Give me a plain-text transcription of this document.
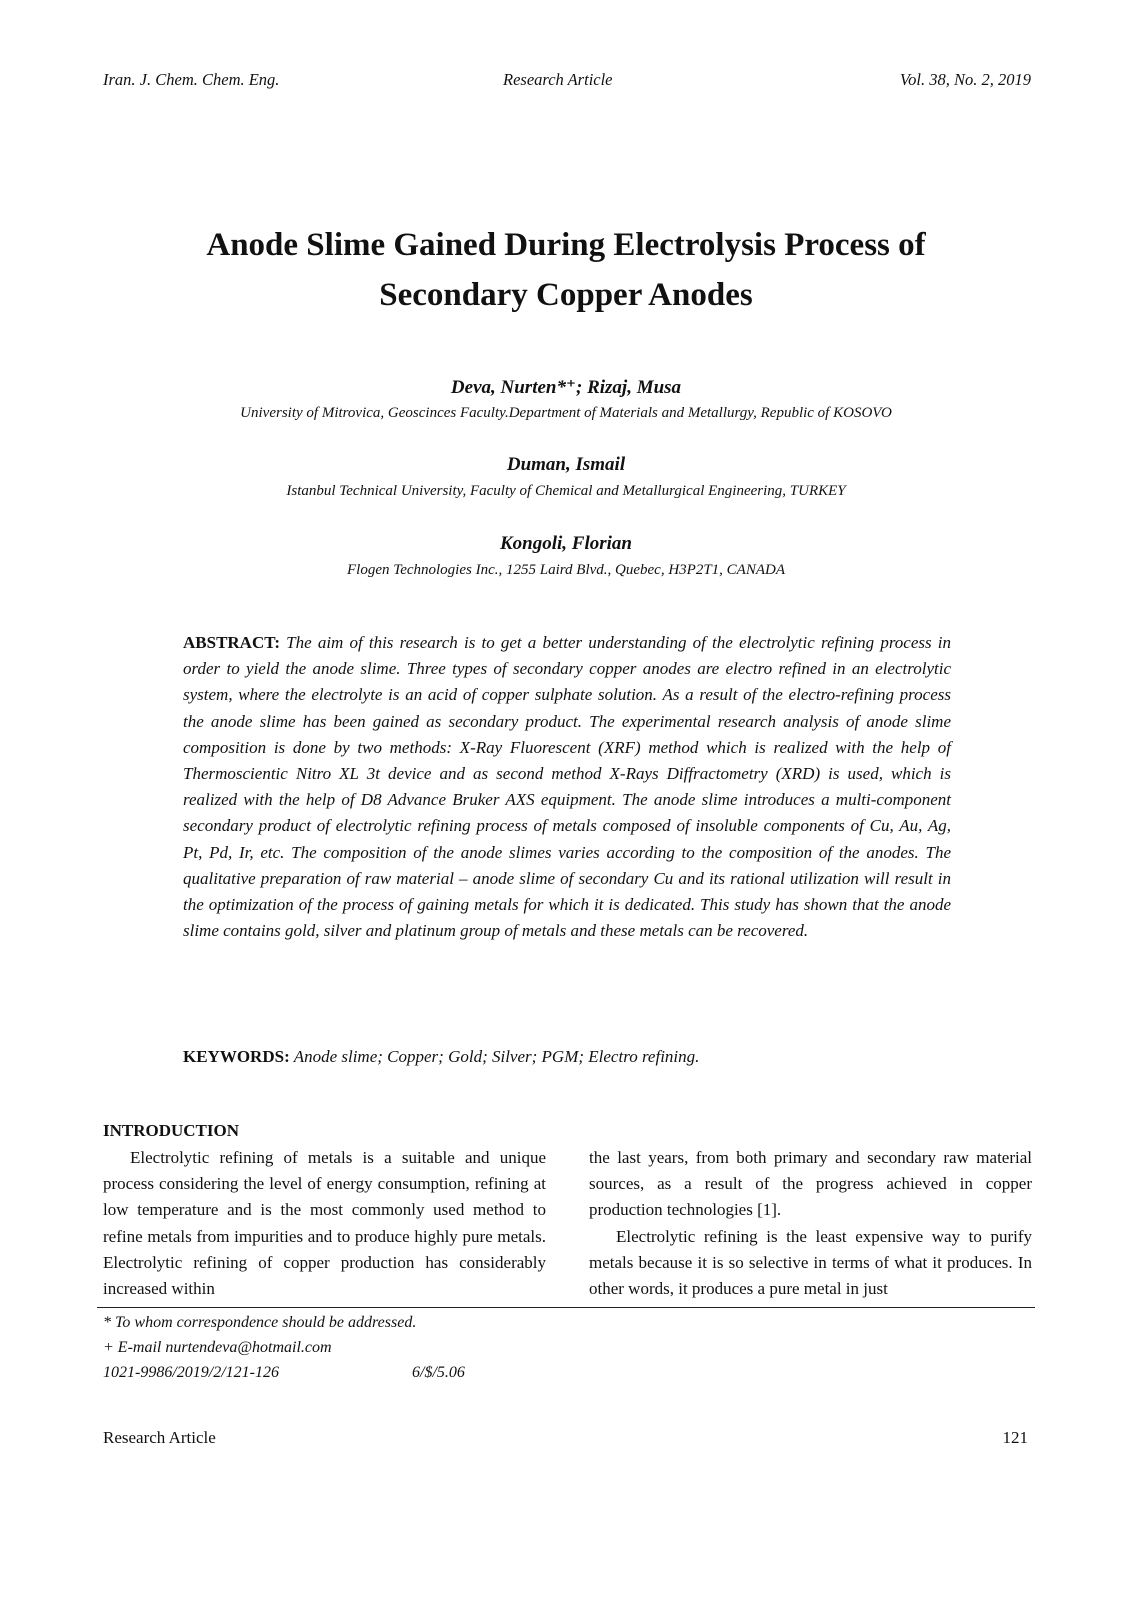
Iran. J. Chem. Chem. Eng.	Research Article	Vol. 38, No. 2, 2019
Anode Slime Gained During Electrolysis Process of
Secondary Copper Anodes
Deva, Nurten*⁺; Rizaj, Musa
University of Mitrovica, Geoscinces Faculty.Department of Materials and Metallurgy, Republic of KOSOVO
Duman, Ismail
Istanbul Technical University, Faculty of Chemical and Metallurgical Engineering, TURKEY
Kongoli, Florian
Flogen Technologies Inc., 1255 Laird Blvd., Quebec, H3P2T1, CANADA
ABSTRACT: The aim of this research is to get a better understanding of the electrolytic refining process in order to yield the anode slime. Three types of secondary copper anodes are electro refined in an electrolytic system, where the electrolyte is an acid of copper sulphate solution. As a result of the electro-refining process the anode slime has been gained as secondary product. The experimental research analysis of anode slime composition is done by two methods: X-Ray Fluorescent (XRF) method which is realized with the help of Thermoscientic Nitro XL 3t device and as second method X-Rays Diffractometry (XRD) is used, which is realized with the help of D8 Advance Bruker AXS equipment. The anode slime introduces a multi-component secondary product of electrolytic refining process of metals composed of insoluble components of Cu, Au, Ag, Pt, Pd, Ir, etc. The composition of the anode slimes varies according to the composition of the anodes. The qualitative preparation of raw material – anode slime of secondary Cu and its rational utilization will result in the optimization of the process of gaining metals for which it is dedicated. This study has shown that the anode slime contains gold, silver and platinum group of metals and these metals can be recovered.
KEYWORDS: Anode slime; Copper; Gold; Silver; PGM; Electro refining.
INTRODUCTION

Electrolytic refining of metals is a suitable and unique process considering the level of energy consumption, refining at low temperature and is the most commonly used method to refine metals from impurities and to produce highly pure metals. Electrolytic refining of copper production has considerably increased within

the last years, from both primary and secondary raw material sources, as a result of the progress achieved in copper production technologies [1].

Electrolytic refining is the least expensive way to purify metals because it is so selective in terms of what it produces. In other words, it produces a pure metal in just

* To whom correspondence should be addressed.
+ E-mail nurtendeva@hotmail.com
1021-9986/2019/2/121-126	6/$/5.06
Research Article	121
